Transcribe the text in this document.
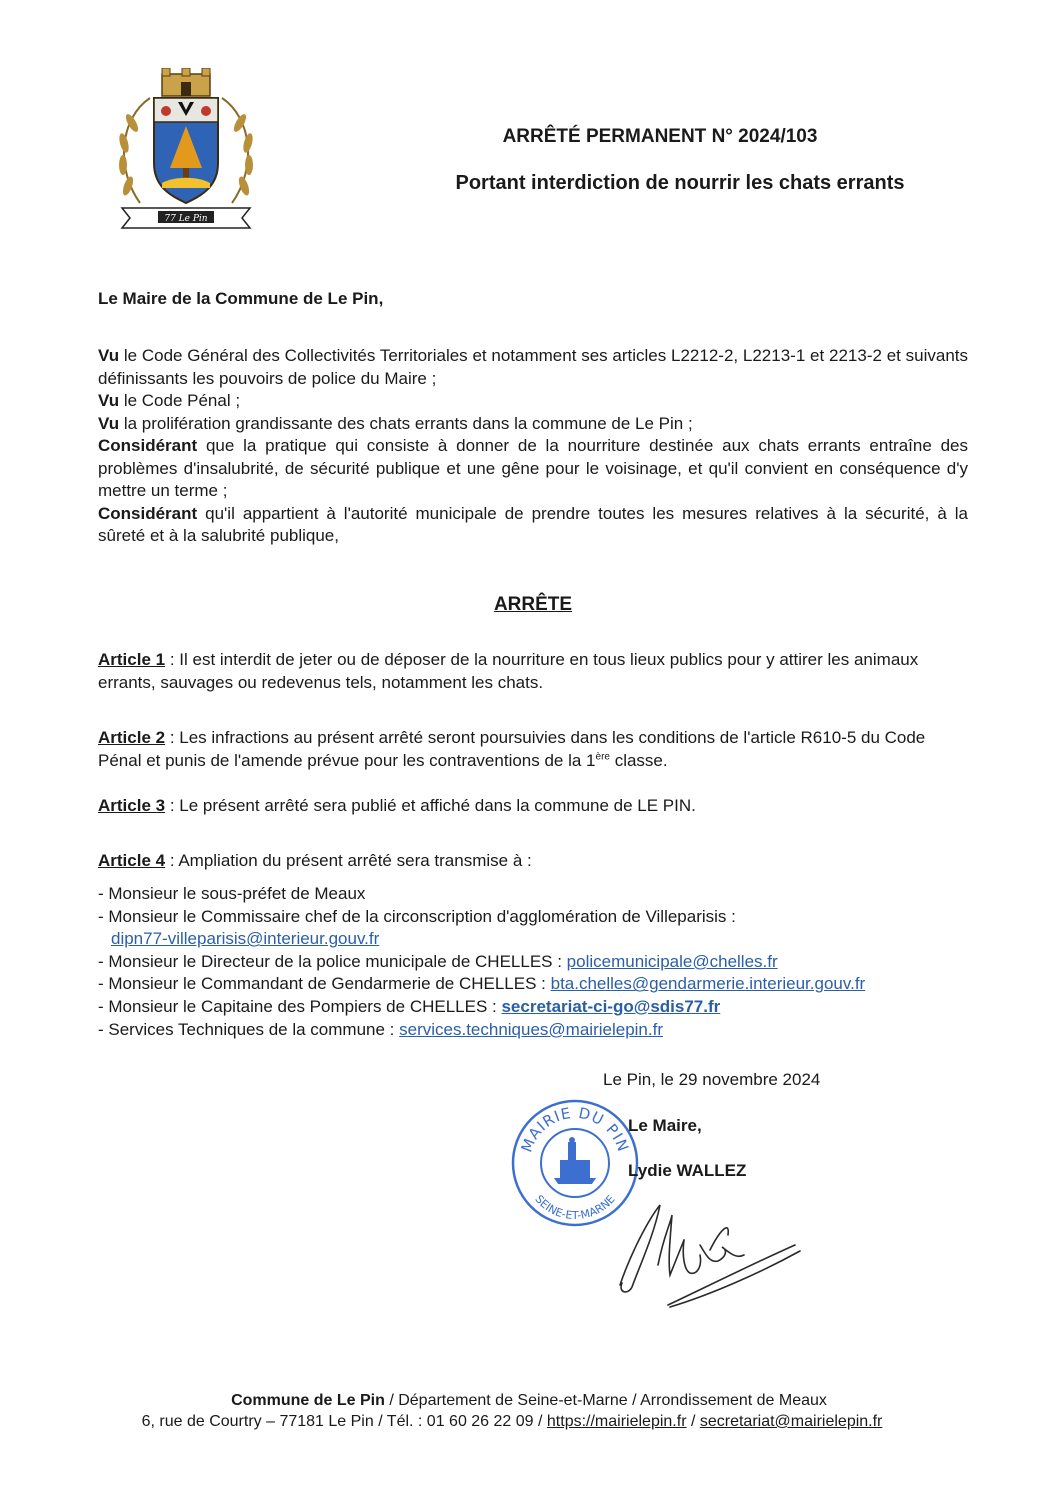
77 Le Pin
ARRÊTÉ PERMANENT N° 2024/103
Portant interdiction de nourrir les chats errants
Le Maire de la Commune de Le Pin,
Vu le Code Général des Collectivités Territoriales et notamment ses articles L2212-2, L2213-1 et 2213-2 et suivants définissants les pouvoirs de police du Maire ;
Vu le Code Pénal ;
Vu la prolifération grandissante des chats errants dans la commune de Le Pin ;
Considérant que la pratique qui consiste à donner de la nourriture destinée aux chats errants entraîne des problèmes d'insalubrité, de sécurité publique et une gêne pour le voisinage, et qu'il convient en conséquence d'y mettre un terme ;
Considérant qu'il appartient à l'autorité municipale de prendre toutes les mesures relatives à la sécurité, à la sûreté et à la salubrité publique,
ARRÊTE
Article 1 : Il est interdit de jeter ou de déposer de la nourriture en tous lieux publics pour y attirer les animaux errants, sauvages ou redevenus tels, notamment les chats.
Article 2 : Les infractions au présent arrêté seront poursuivies dans les conditions de l'article R610-5 du Code Pénal et punis de l'amende prévue pour les contraventions de la 1ère classe.
Article 3 : Le présent arrêté sera publié et affiché dans la commune de LE PIN.
Article 4 : Ampliation du présent arrêté sera transmise à :
- Monsieur le sous-préfet de Meaux
- Monsieur le Commissaire chef de la circonscription d'agglomération de Villeparisis :
dipn77-villeparisis@interieur.gouv.fr
- Monsieur le Directeur de la police municipale de CHELLES : policemunicipale@chelles.fr
- Monsieur le Commandant de Gendarmerie de CHELLES : bta.chelles@gendarmerie.interieur.gouv.fr
- Monsieur le Capitaine des Pompiers de CHELLES : secretariat-ci-go@sdis77.fr
- Services Techniques de la commune : services.techniques@mairielepin.fr
Le Pin, le 29 novembre 2024
MAIRIE DU PIN
SEINE-ET-MARNE
Le Maire,
Lydie WALLEZ
Commune de Le Pin / Département de Seine-et-Marne / Arrondissement de Meaux
6, rue de Courtry – 77181 Le Pin / Tél. : 01 60 26 22 09 / https://mairielepin.fr / secretariat@mairielepin.fr
